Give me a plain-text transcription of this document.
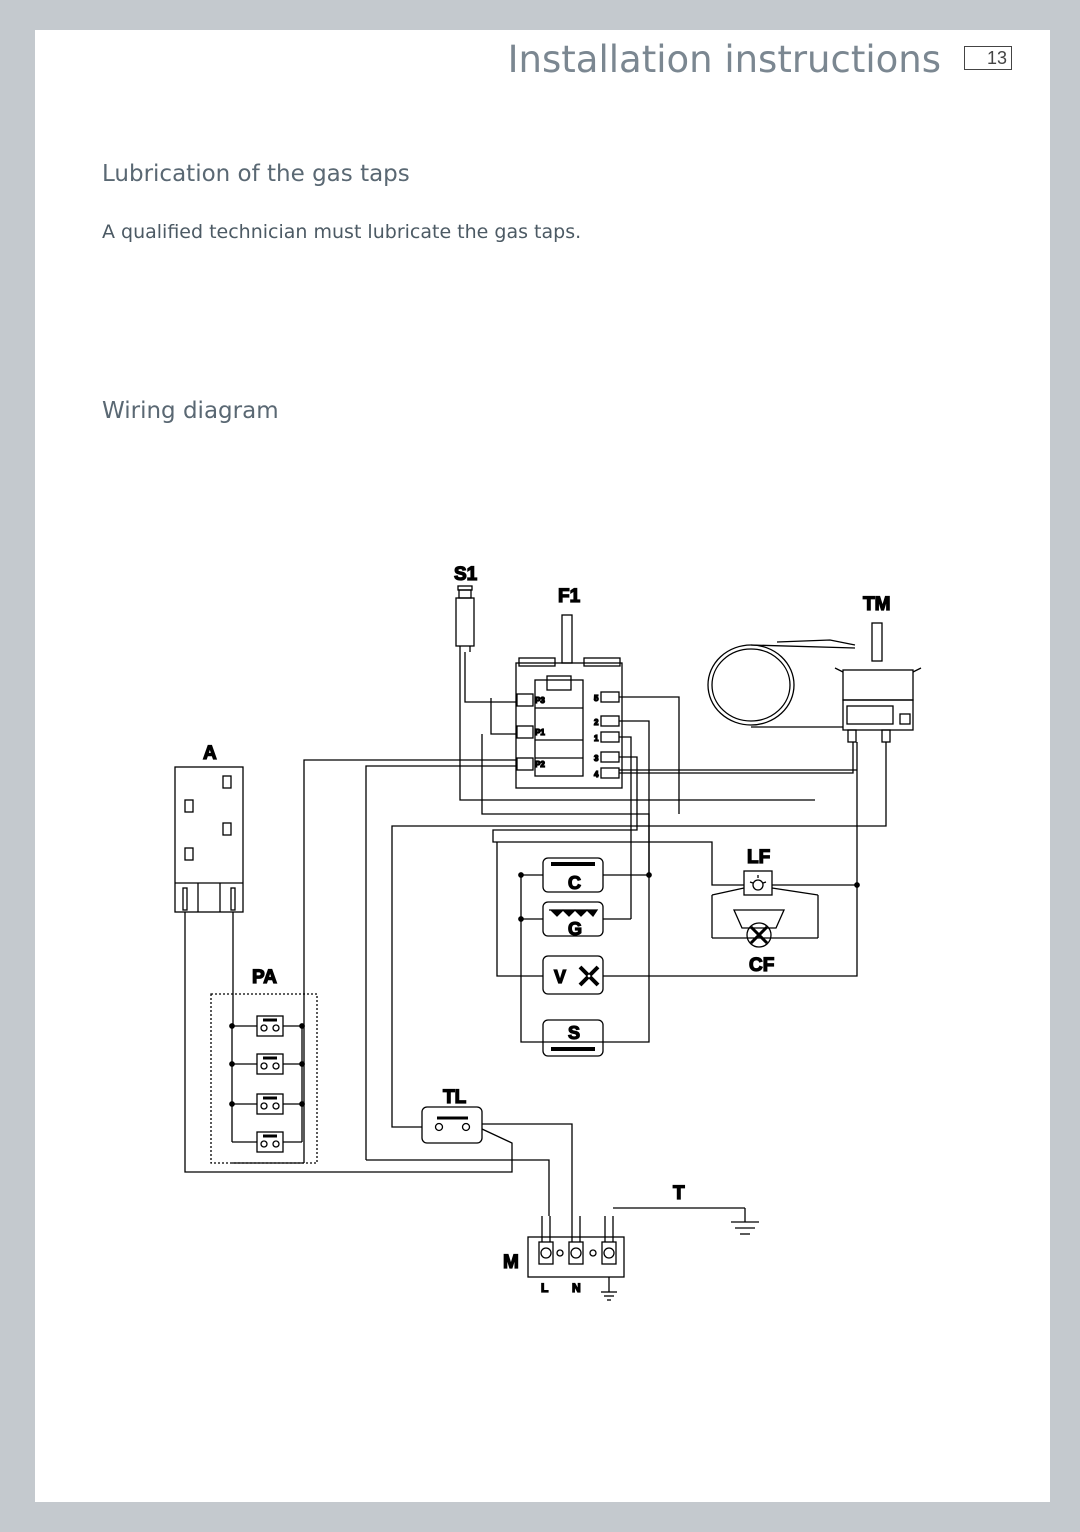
Installation instructions	13
Lubrication of the gas taps
A qualified technician must lubricate the gas taps.
Wiring diagram
S1
F1	TM
A
LF
CF
PA
TL
T
M
C
G
V
S
L N
P3
P1
P2
5
2
1
3
4
